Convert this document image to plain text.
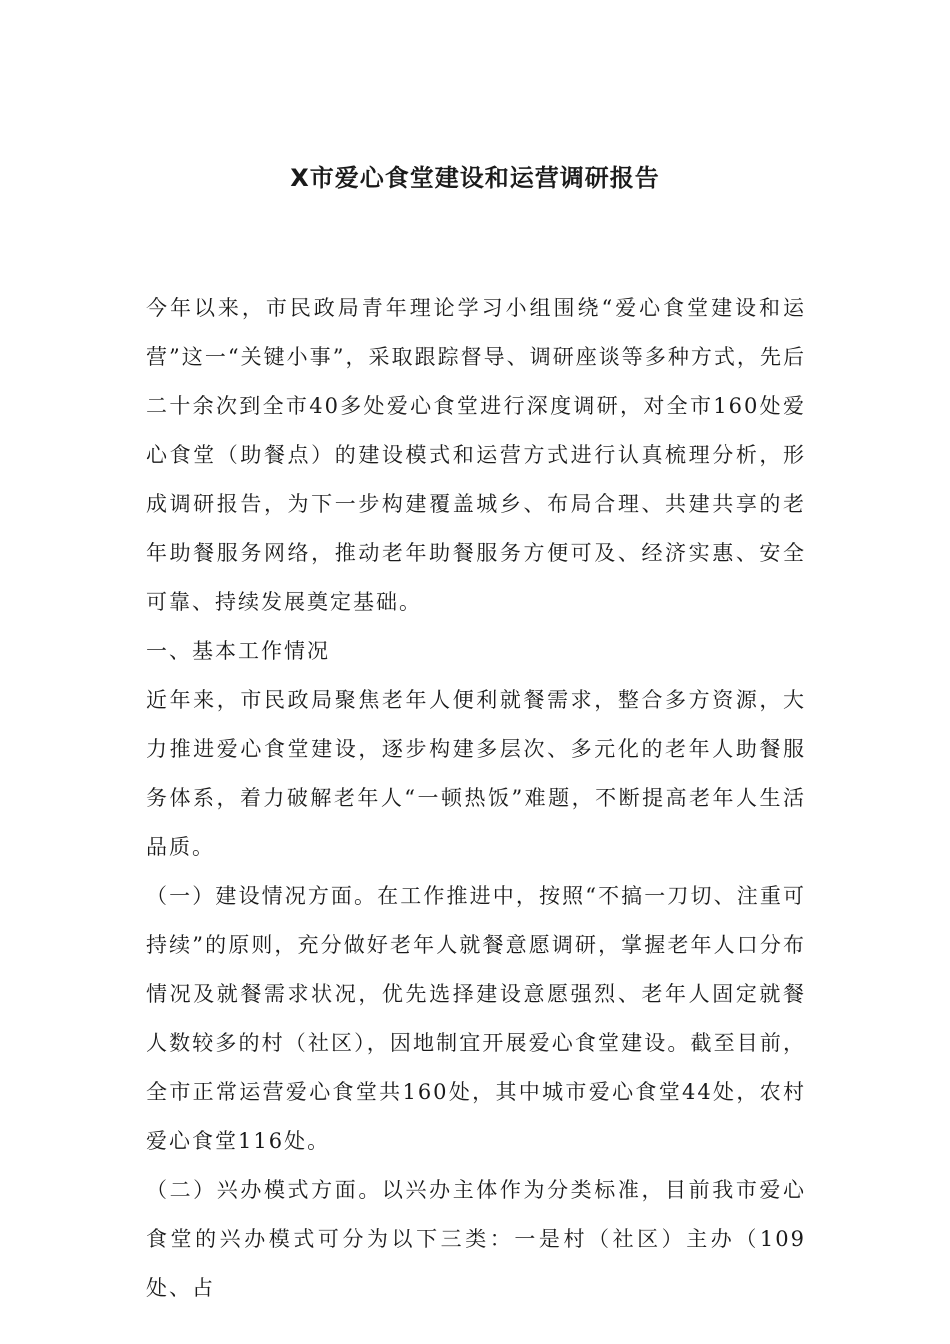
X市爱心食堂建设和运营调研报告

今年以来，市民政局青年理论学习小组围绕“爱心食堂建设和运营”这一“关键小事”，采取跟踪督导、调研座谈等多种方式，先后二十余次到全市40多处爱心食堂进行深度调研，对全市160处爱心食堂（助餐点）的建设模式和运营方式进行认真梳理分析，形成调研报告，为下一步构建覆盖城乡、布局合理、共建共享的老年助餐服务网络，推动老年助餐服务方便可及、经济实惠、安全可靠、持续发展奠定基础。

一、基本工作情况

近年来，市民政局聚焦老年人便利就餐需求，整合多方资源，大力推进爱心食堂建设，逐步构建多层次、多元化的老年人助餐服务体系，着力破解老年人“一顿热饭”难题，不断提高老年人生活品质。

（一）建设情况方面。在工作推进中，按照“不搞一刀切、注重可持续”的原则，充分做好老年人就餐意愿调研，掌握老年人口分布情况及就餐需求状况，优先选择建设意愿强烈、老年人固定就餐人数较多的村（社区），因地制宜开展爱心食堂建设。截至目前，全市正常运营爱心食堂共160处，其中城市爱心食堂44处，农村爱心食堂116处。

（二）兴办模式方面。以兴办主体作为分类标准，目前我市爱心食堂的兴办模式可分为以下三类：一是村（社区）主办（109处、占
